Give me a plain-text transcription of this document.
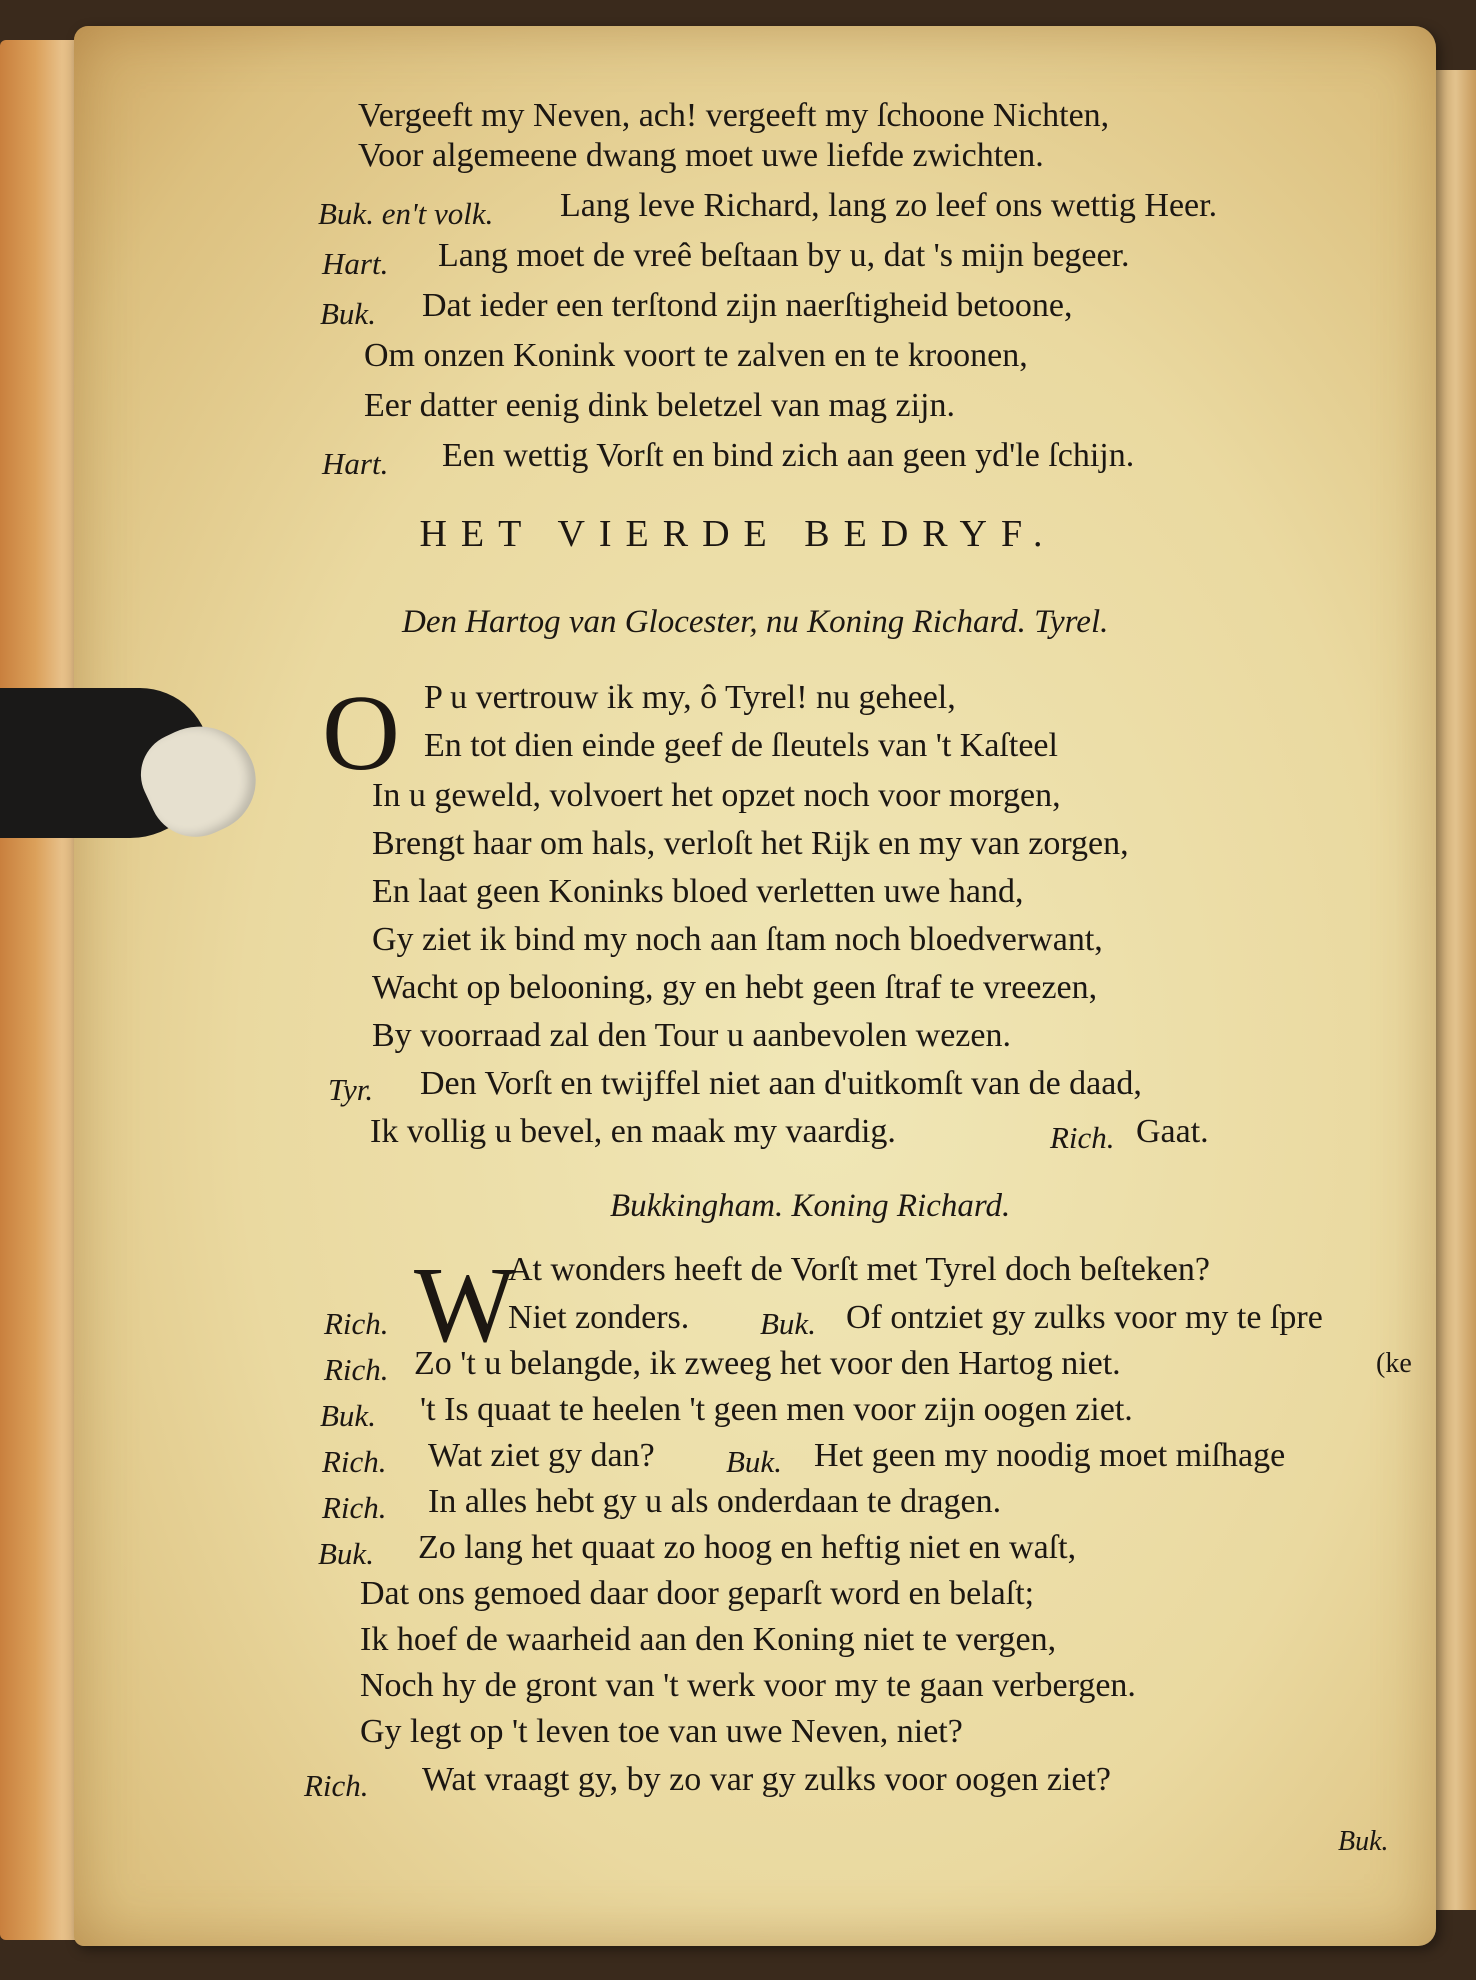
Vergeeft my Neven, ach! vergeeft my ſchoone Nichten,
Voor algemeene dwang moet uwe liefde zwichten.
Buk. en't volk. Lang leve Richard, lang zo leef ons wettig Heer.
Hart. Lang moet de vreê beſtaan by u, dat 's mijn begeer.
Buk. Dat ieder een terſtond zijn naerſtigheid betoone,
Om onzen Konink voort te zalven en te kroonen,
Eer datter eenig dink beletzel van mag zijn.
Hart. Een wettig Vorſt en bind zich aan geen yd'le ſchijn.
HET VIERDE BEDRYF.
Den Hartog van Glocester, nu Koning Richard. Tyrel.
O P u vertrouw ik my, ô Tyrel! nu geheel,
En tot dien einde geef de ſleutels van 't Kaſteel
In u geweld, volvoert het opzet noch voor morgen,
Brengt haar om hals, verloſt het Rijk en my van zorgen,
En laat geen Koninks bloed verletten uwe hand,
Gy ziet ik bind my noch aan ſtam noch bloedverwant,
Wacht op belooning, gy en hebt geen ſtraf te vreezen,
By voorraad zal den Tour u aanbevolen wezen.
Tyr. Den Vorſt en twijffel niet aan d'uitkomſt van de daad,
Ik vollig u bevel, en maak my vaardig.	Rich. Gaat.
Bukkingham. Koning Richard.
W
At wonders heeft de Vorſt met Tyrel doch beſteken?
Rich.	Niet zonders. Buk. Of ontziet gy zulks voor my te ſpre
Rich. Zo 't u belangde, ik zweeg het voor den Hartog niet.	(ke
Buk. 't Is quaat te heelen 't geen men voor zijn oogen ziet.
Rich. Wat ziet gy dan? Buk. Het geen my noodig moet miſhage
Rich. In alles hebt gy u als onderdaan te dragen.
Buk. Zo lang het quaat zo hoog en heftig niet en waſt,
Dat ons gemoed daar door geparſt word en belaſt;
Ik hoef de waarheid aan den Koning niet te vergen,
Noch hy de gront van 't werk voor my te gaan verbergen.
Gy legt op 't leven toe van uwe Neven, niet?
Rich. Wat vraagt gy, by zo var gy zulks voor oogen ziet?
Buk.
